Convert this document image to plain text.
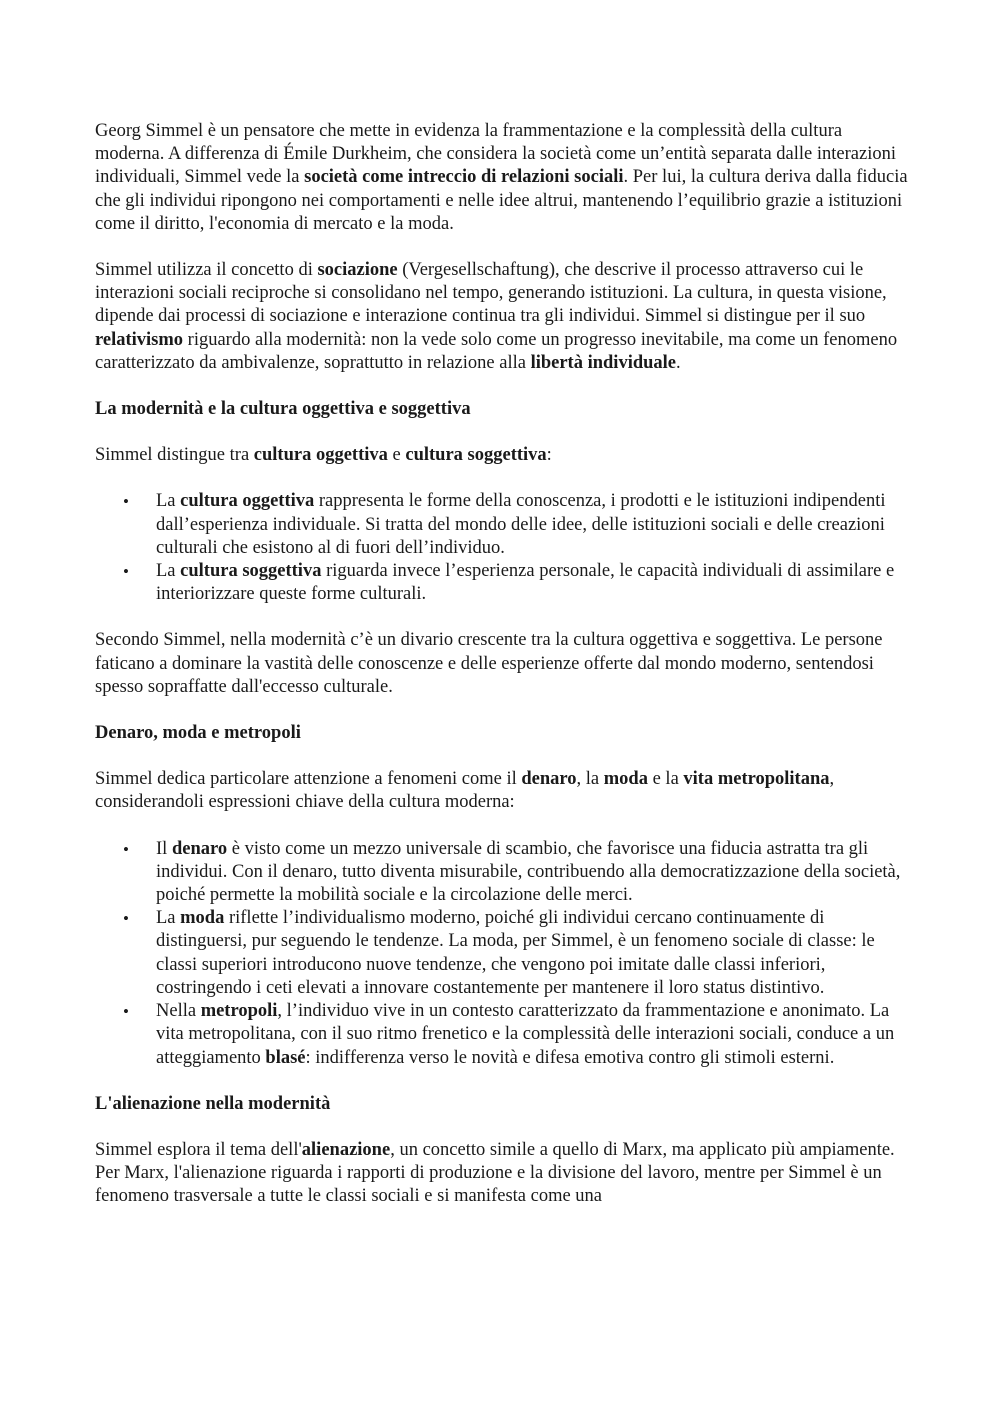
Georg Simmel è un pensatore che mette in evidenza la frammentazione e la complessità della cultura moderna. A differenza di Émile Durkheim, che considera la società come un’entità separata dalle interazioni individuali, Simmel vede la società come intreccio di relazioni sociali. Per lui, la cultura deriva dalla fiducia che gli individui ripongono nei comportamenti e nelle idee altrui, mantenendo l’equilibrio grazie a istituzioni come il diritto, l'economia di mercato e la moda.

Simmel utilizza il concetto di sociazione (Vergesellschaftung), che descrive il processo attraverso cui le interazioni sociali reciproche si consolidano nel tempo, generando istituzioni. La cultura, in questa visione, dipende dai processi di sociazione e interazione continua tra gli individui. Simmel si distingue per il suo relativismo riguardo alla modernità: non la vede solo come un progresso inevitabile, ma come un fenomeno caratterizzato da ambivalenze, soprattutto in relazione alla libertà individuale.

La modernità e la cultura oggettiva e soggettiva

Simmel distingue tra cultura oggettiva e cultura soggettiva:

• La cultura oggettiva rappresenta le forme della conoscenza, i prodotti e le istituzioni indipendenti dall’esperienza individuale. Si tratta del mondo delle idee, delle istituzioni sociali e delle creazioni culturali che esistono al di fuori dell’individuo.
• La cultura soggettiva riguarda invece l’esperienza personale, le capacità individuali di assimilare e interiorizzare queste forme culturali.

Secondo Simmel, nella modernità c’è un divario crescente tra la cultura oggettiva e soggettiva. Le persone faticano a dominare la vastità delle conoscenze e delle esperienze offerte dal mondo moderno, sentendosi spesso sopraffatte dall'eccesso culturale.

Denaro, moda e metropoli

Simmel dedica particolare attenzione a fenomeni come il denaro, la moda e la vita metropolitana, considerandoli espressioni chiave della cultura moderna:

• Il denaro è visto come un mezzo universale di scambio, che favorisce una fiducia astratta tra gli individui. Con il denaro, tutto diventa misurabile, contribuendo alla democratizzazione della società, poiché permette la mobilità sociale e la circolazione delle merci.
• La moda riflette l’individualismo moderno, poiché gli individui cercano continuamente di distinguersi, pur seguendo le tendenze. La moda, per Simmel, è un fenomeno sociale di classe: le classi superiori introducono nuove tendenze, che vengono poi imitate dalle classi inferiori, costringendo i ceti elevati a innovare costantemente per mantenere il loro status distintivo.
• Nella metropoli, l’individuo vive in un contesto caratterizzato da frammentazione e anonimato. La vita metropolitana, con il suo ritmo frenetico e la complessità delle interazioni sociali, conduce a un atteggiamento blasé: indifferenza verso le novità e difesa emotiva contro gli stimoli esterni.
L'alienazione nella modernità

Simmel esplora il tema dell'alienazione, un concetto simile a quello di Marx, ma applicato più ampiamente. Per Marx, l'alienazione riguarda i rapporti di produzione e la divisione del lavoro, mentre per Simmel è un fenomeno trasversale a tutte le classi sociali e si manifesta come una
